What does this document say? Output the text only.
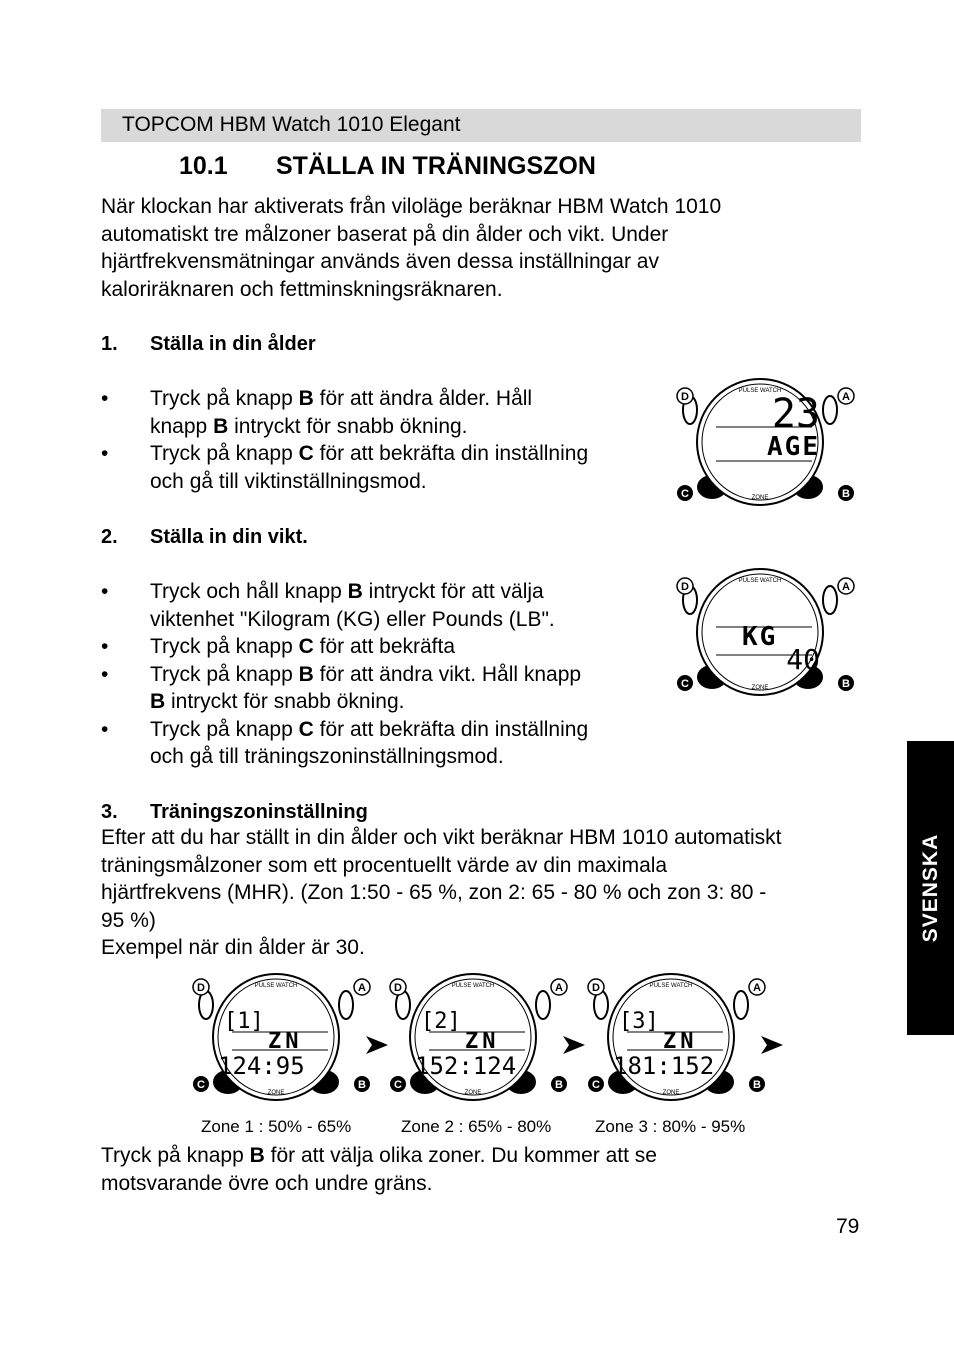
TOPCOM HBM Watch 1010 Elegant
10.1 STÄLLA IN TRÄNINGSZON
När klockan har aktiverats från viloläge beräknar HBM Watch 1010
automatiskt tre målzoner baserat på din ålder och vikt. Under
hjärtfrekvensmätningar används även dessa inställningar av
kaloriräknaren och fettminskningsräknaren.
1. Ställa in din ålder
• Tryck på knapp B för att ändra ålder. Håll
knapp B intryckt för snabb ökning.
• Tryck på knapp C för att bekräfta din inställning
och gå till viktinställningsmod.
2. Ställa in din vikt.
• Tryck och håll knapp B intryckt för att välja
viktenhet "Kilogram (KG) eller Pounds (LB".
• Tryck på knapp C för att bekräfta
• Tryck på knapp B för att ändra vikt. Håll knapp
B intryckt för snabb ökning.
• Tryck på knapp C för att bekräfta din inställning
och gå till träningszoninställningsmod.
3. Träningszoninställning
Efter att du har ställt in din ålder och vikt beräknar HBM 1010 automatiskt
träningsmålzoner som ett procentuellt värde av din maximala
hjärtfrekvens (MHR). (Zon 1:50 - 65 %, zon 2: 65 - 80 % och zon 3: 80 -
95 %)
Exempel när din ålder är 30.
PULSE WATCH
ZONE
23
AGE
D	A
C	B
PULSE WATCH
ZONE
KG
40
D	A
C	B
PULSE WATCH
ZONE
[1]
ZN
124:95
D	A
C	B
PULSE WATCH
ZONE
[2]
ZN
152:124
D	A
C	B
PULSE WATCH
ZONE
[3]
ZN
181:152
D	A
C	B
Zone 1 : 50% - 65%	Zone 2 : 65% - 80%	Zone 3 : 80% - 95%
Tryck på knapp B för att välja olika zoner. Du kommer att se
motsvarande övre och undre gräns.
SVENSKA
79
